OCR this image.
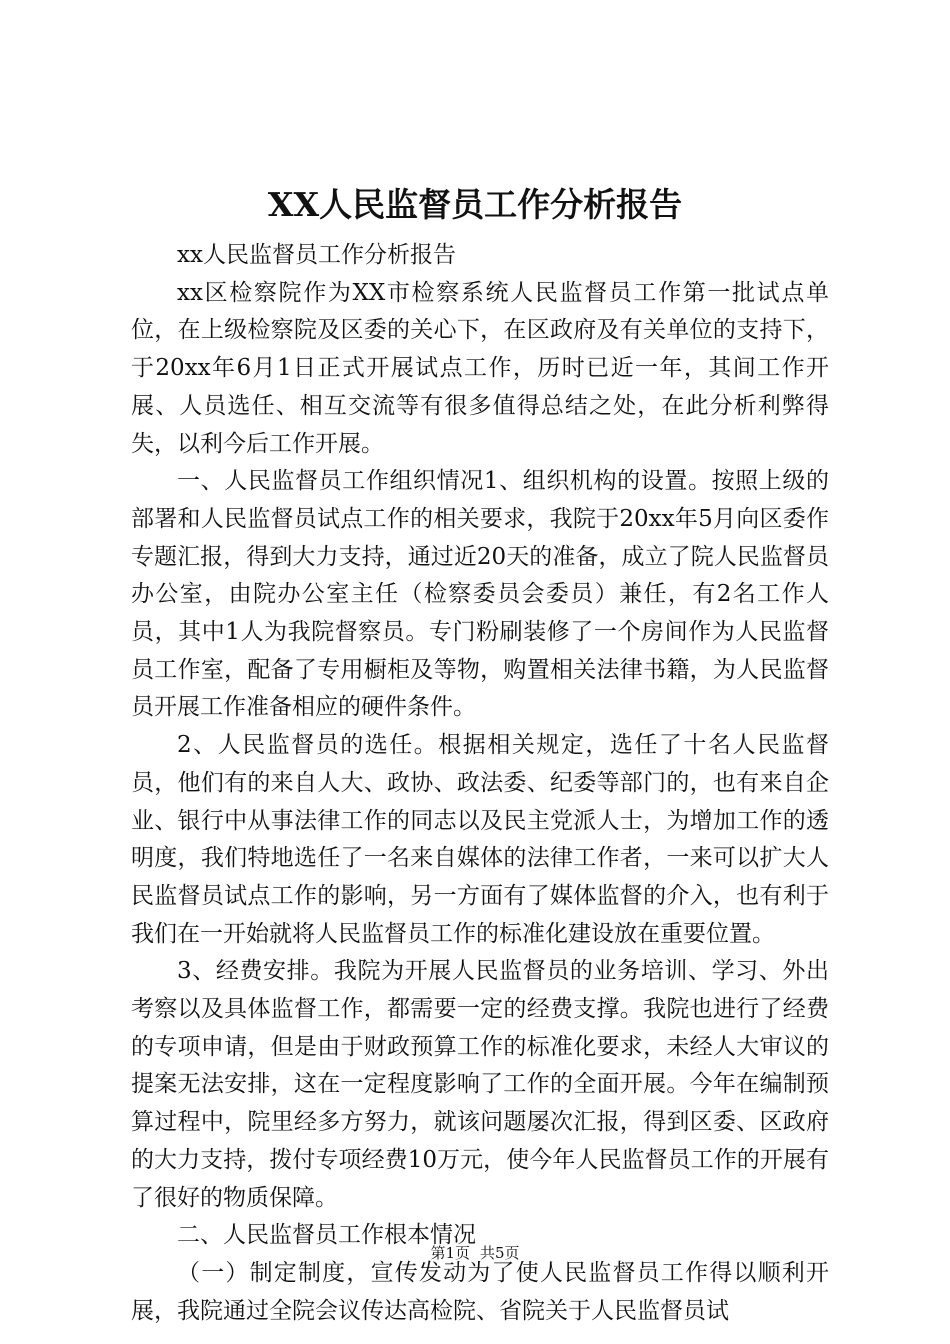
XX人民监督员工作分析报告

xx人民监督员工作分析报告

xx区检察院作为XX市检察系统人民监督员工作第一批试点单位，在上级检察院及区委的关心下，在区政府及有关单位的支持下，于20xx年6月1日正式开展试点工作，历时已近一年，其间工作开展、人员选任、相互交流等有很多值得总结之处，在此分析利弊得失，以利今后工作开展。

一、人民监督员工作组织情况1、组织机构的设置。按照上级的部署和人民监督员试点工作的相关要求，我院于20xx年5月向区委作专题汇报，得到大力支持，通过近20天的准备，成立了院人民监督员办公室，由院办公室主任（检察委员会委员）兼任，有2名工作人员，其中1人为我院督察员。专门粉刷装修了一个房间作为人民监督员工作室，配备了专用橱柜及等物，购置相关法律书籍，为人民监督员开展工作准备相应的硬件条件。

2、人民监督员的选任。根据相关规定，选任了十名人民监督员，他们有的来自人大、政协、政法委、纪委等部门的，也有来自企业、银行中从事法律工作的同志以及民主党派人士，为增加工作的透明度，我们特地选任了一名来自媒体的法律工作者，一来可以扩大人民监督员试点工作的影响，另一方面有了媒体监督的介入，也有利于我们在一开始就将人民监督员工作的标准化建设放在重要位置。

3、经费安排。我院为开展人民监督员的业务培训、学习、外出考察以及具体监督工作，都需要一定的经费支撑。我院也进行了经费的专项申请，但是由于财政预算工作的标准化要求，未经人大审议的提案无法安排，这在一定程度影响了工作的全面开展。今年在编制预算过程中，院里经多方努力，就该问题屡次汇报，得到区委、区政府的大力支持，拨付专项经费10万元，使今年人民监督员工作的开展有了很好的物质保障。

二、人民监督员工作根本情况

（一）制定制度，宣传发动为了使人民监督员工作得以顺利开展，我院通过全院会议传达高检院、省院关于人民监督员试

第1页 共5页
